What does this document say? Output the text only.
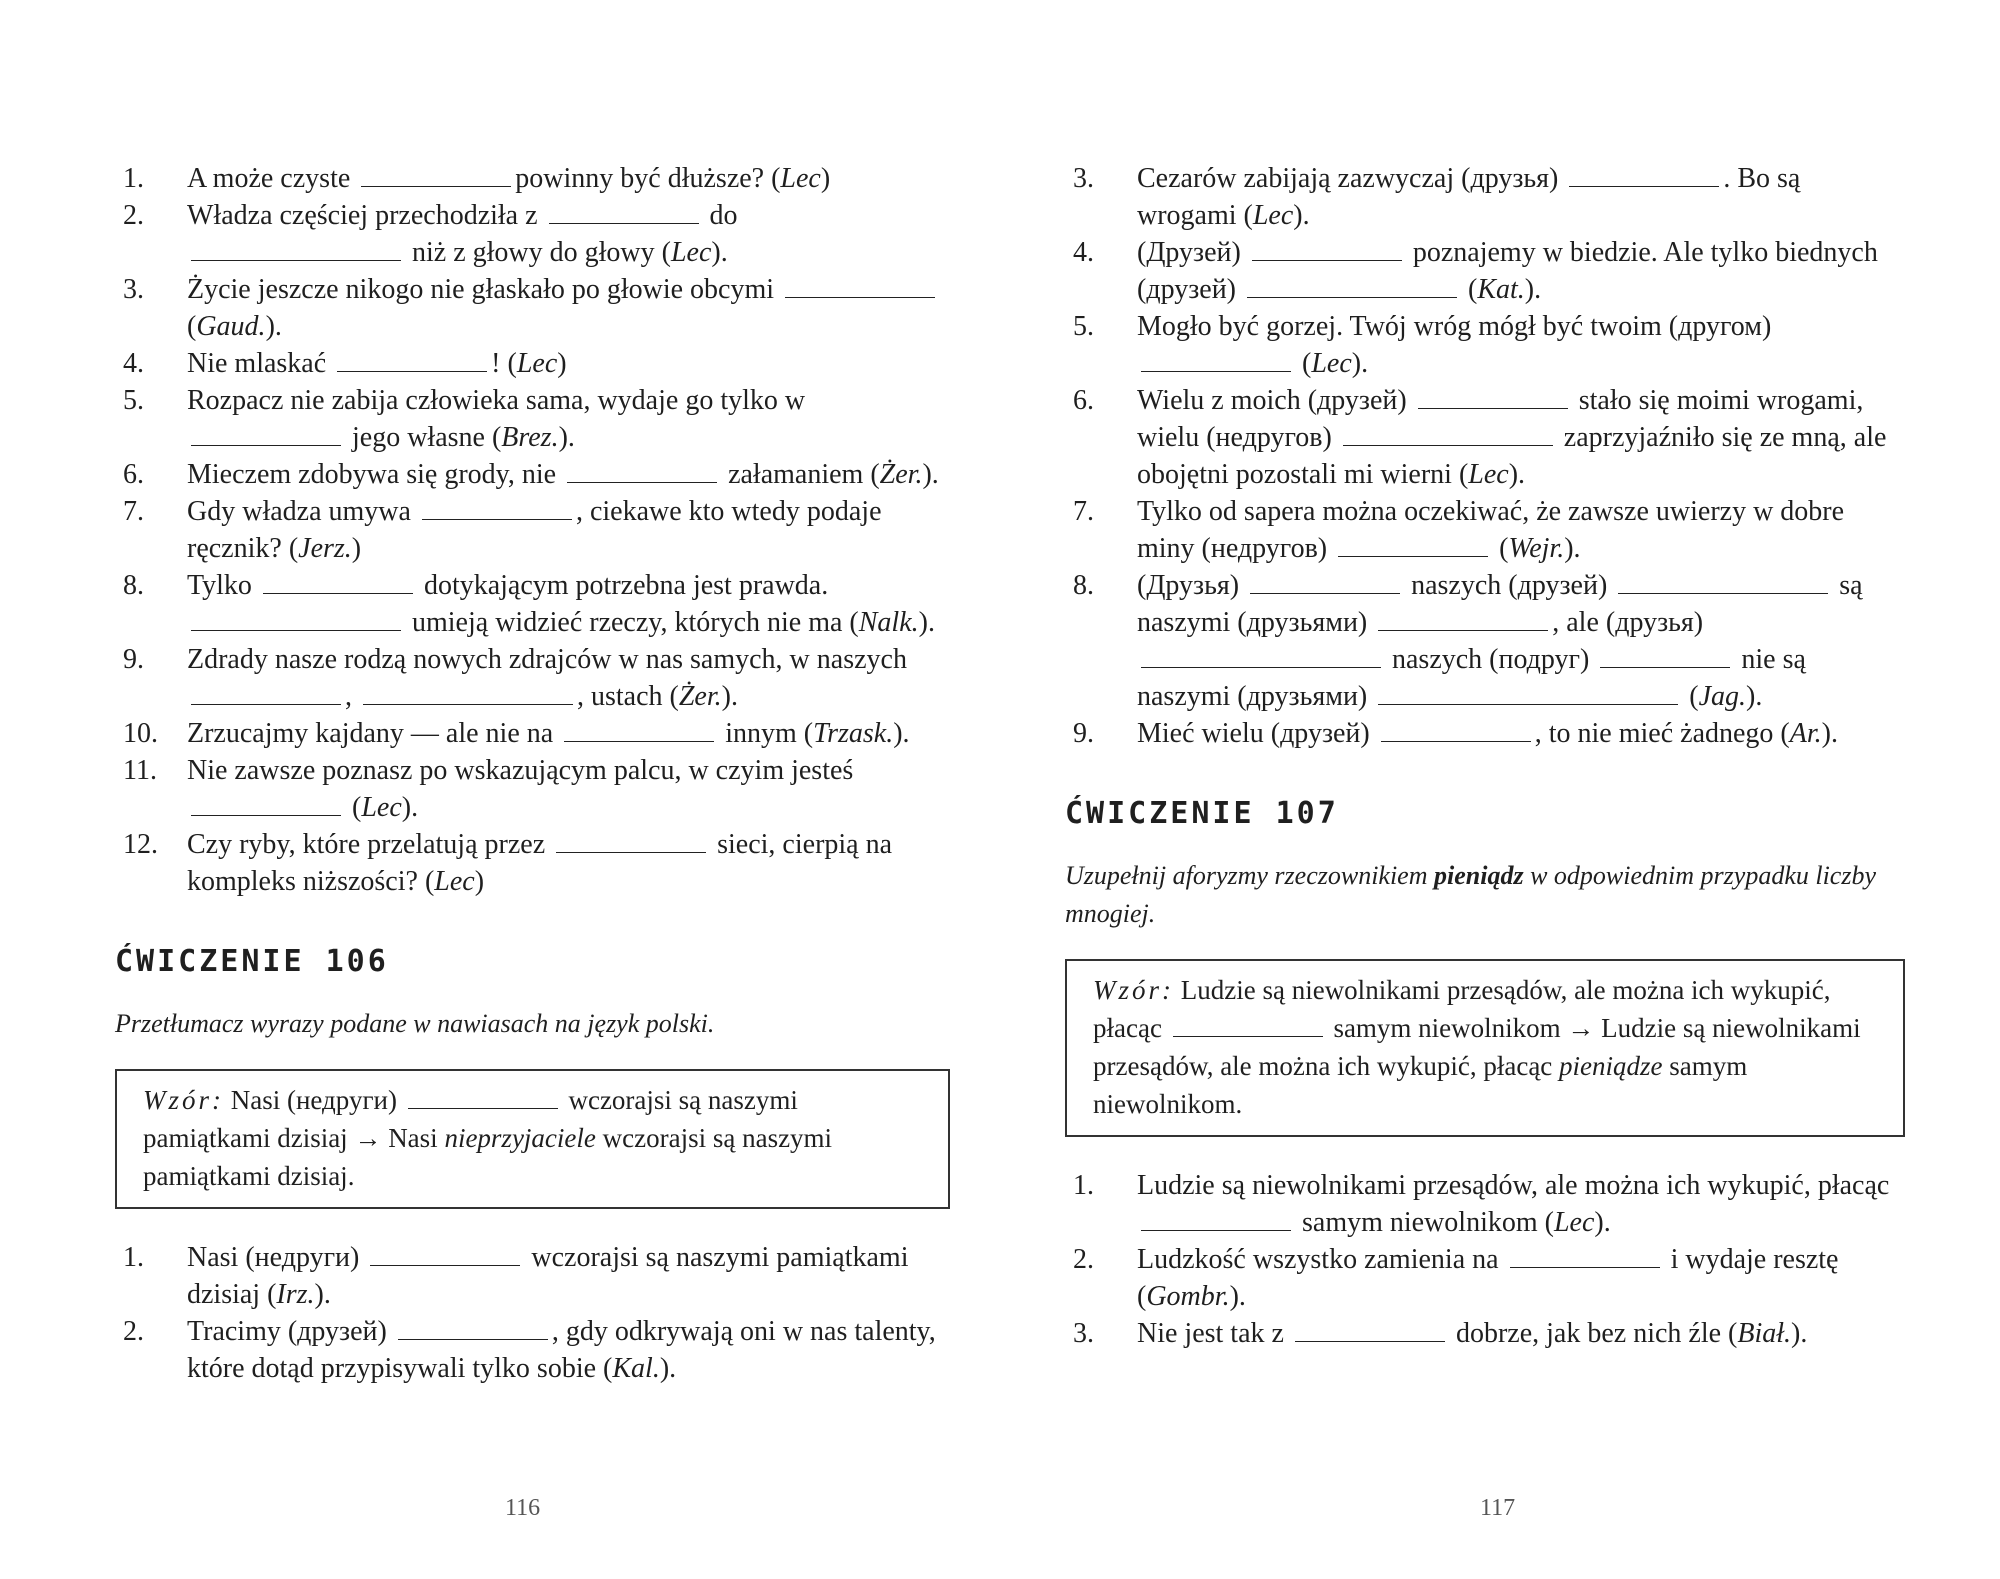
1.	A może czyste	powinny być dłuższe? (Lec)
2.	Władza częściej przechodziła z	do  niż z głowy do głowy (Lec).
3.	Życie jeszcze nikogo nie głaskało po głowie obcymi  (Gaud.).
4.	Nie mlaskać	! (Lec)
5.	Rozpacz nie zabija człowieka sama, wydaje go tylko w  jego własne (Brez.).
6.	Mieczem zdobywa się grody, nie	załamaniem (Żer.).
7.	Gdy władza umywa	, ciekawe kto wtedy podaje ręcznik? (Jerz.)
8.	Tylko	dotykającym potrzebna jest prawda.  umieją widzieć rzeczy, których nie ma (Nalk.).
9.	Zdrady nasze rodzą nowych zdrajców w nas samych, w naszych ,	, ustach (Żer.).
10.	Zrzucajmy kajdany — ale nie na	innym (Trzask.).
11.	Nie zawsze poznasz po wskazującym palcu, w czyim jesteś  (Lec).
12.	Czy ryby, które przelatują przez	sieci, cierpią na kompleks niższości? (Lec)
ĆWICZENIE 106
Przetłumacz wyrazy podane w nawiasach na język polski.
Wzór: Nasi (недруги)	wczorajsi są naszymi pamiątkami dzisiaj → Nasi nieprzyjaciele wczorajsi są naszymi pamiątkami dzisiaj.
1.	Nasi (недруги)	wczorajsi są naszymi pamiątkami dzisiaj (Irz.).
2.	Tracimy (друзей)	, gdy odkrywają oni w nas talenty, które dotąd przypisywali tylko sobie (Kal.).
116
3.	Cezarów zabijają zazwyczaj (друзья)	. Bo są wrogami (Lec).
4.	(Друзей)	poznajemy w biedzie. Ale tylko biednych (друзей)	(Kat.).
5.	Mogło być gorzej. Twój wróg mógł być twoim (другом)  (Lec).
6.	Wielu z moich (друзей)	stało się moimi wrogami, wielu (недругов)	zaprzyjaźniło się ze mną, ale obojętni pozostali mi wierni (Lec).
7.	Tylko od sapera można oczekiwać, że zawsze uwierzy w dobre miny (недругов)	(Wejr.).
8.	(Друзья)	naszych (друзей)	są naszymi (друзьями)	, ale (друзья)  naszych (подруг)	nie są naszymi (друзьями)	(Jag.).
9.	Mieć wielu (друзей)	, to nie mieć żadnego (Ar.).
ĆWICZENIE 107
Uzupełnij aforyzmy rzeczownikiem pieniądz w odpowiednim przypadku liczby mnogiej.
Wzór: Ludzie są niewolnikami przesądów, ale można ich wykupić, płacąc	samym niewolnikom → Ludzie są niewolnikami przesądów, ale można ich wykupić, płacąc pieniądze samym niewolnikom.
1.	Ludzie są niewolnikami przesądów, ale można ich wykupić, płacąc  samym niewolnikom (Lec).
2.	Ludzkość wszystko zamienia na	i wydaje resztę (Gombr.).
3.	Nie jest tak z	dobrze, jak bez nich źle (Biał.).
117
